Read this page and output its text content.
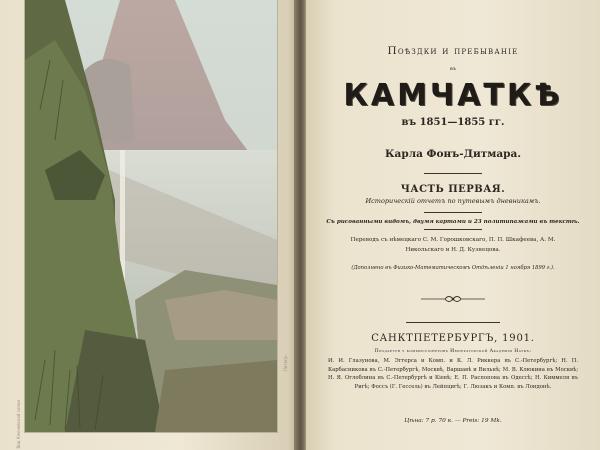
Вид Ключевской сопки
Литогр.
Поѣздки и пребываніе
въ
КАМЧАТКѢ
въ 1851—1855 гг.
Карла Фонъ-Дитмара.
ЧАСТЬ ПЕРВАЯ.
Историческій отчетъ по путевымъ дневникамъ.
Съ рисованными видомъ, двумя картами и 23 политипажами въ текстѣ.
Переводъ съ нѣмецкаго С. М. Горошковскаго, П. П. Шкафеева, А. М. Никольскаго и Н. Д. Кузнецова.
(Дополнено въ Физико-Математическомъ Отдѣленіи 1 ноября 1899 г.).
САНКТПЕТЕРБУРГЪ, 1901.
Продается у коммиссіонеровъ Императорской Академіи Наукъ:
И. И. Глазунова, М. Эггерса и Комп. и К. Л. Риккера въ С.-Петербургѣ; Н. П. Карбасникова въ С.-Петербургѣ, Москвѣ, Варшавѣ и Вильнѣ; М. В. Клюкина въ Москвѣ; Н. Я. Оглоблина въ С.-Петербургѣ и Кіевѣ; Е. П. Распопова въ Одессѣ; Н. Киммеля въ Ригѣ; Фоссъ (Г. Гессель) въ Лейпцигѣ; Г. Люзакъ и Комп. въ Лондонѣ.
Цѣна: 7 р. 70 к. — Preis: 19 Mk.
